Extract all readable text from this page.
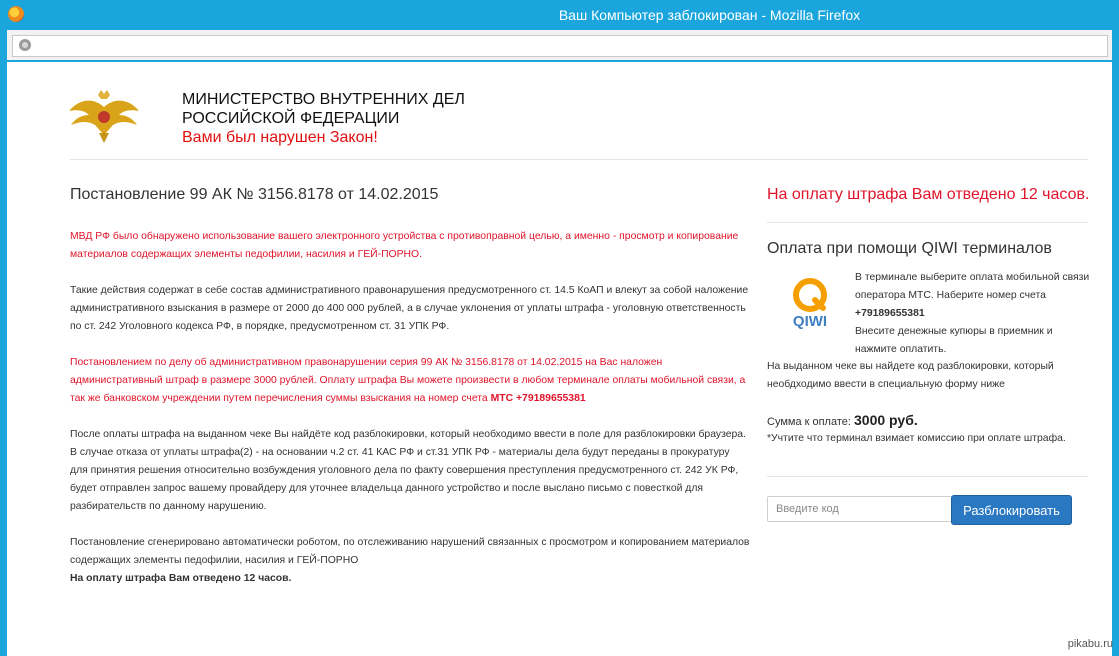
Ваш Компьютер заблокирован - Mozilla Firefox
МИНИСТЕРСТВО ВНУТРЕННИХ ДЕЛ
РОССИЙСКОЙ ФЕДЕРАЦИИ
Вами был нарушен Закон!
Постановление 99 АК № 3156.8178 от 14.02.2015
МВД РФ было обнаружено использование вашего электронного устройства с противоправной целью, а именно - просмотр и копирование материалов содержащих элементы педофилии, насилия и ГЕЙ-ПОРНО.
Такие действия содержат в себе состав административного правонарушения предусмотренного ст. 14.5 КоАП и влекут за собой наложение административного взыскания в размере от 2000 до 400 000 рублей, а в случае уклонения от уплаты штрафа - уголовную ответственность по ст. 242 Уголовного кодекса РФ, в порядке, предусмотренном ст. 31 УПК РФ.
Постановлением по делу об административном правонарушении серия 99 АК № 3156.8178 от 14.02.2015 на Вас наложен административный штраф в размере 3000 рублей. Оплату штрафа Вы можете произвести в любом терминале оплаты мобильной связи, а так же банковском учреждении путем перечисления суммы взыскания на номер счета МТС +79189655381
После оплаты штрафа на выданном чеке Вы найдёте код разблокировки, который необходимо ввести в поле для разблокировки браузера. В случае отказа от уплаты штрафа(2) - на основании ч.2 ст. 41 КАС РФ и ст.31 УПК РФ - материалы дела будут переданы в прокуратуру для принятия решения относительно возбуждения уголовного дела по факту совершения преступления предусмотренного ст. 242 УК РФ, будет отправлен запрос вашему провайдеру для уточнее владельца данного устройство и после выслано письмо с повесткой для разбирательств по данному нарушению.
Постановление сгенерировано автоматически роботом, по отслеживанию нарушений связанных с просмотром и копированием материалов содержащих элементы педофилии, насилия и ГЕЙ-ПОРНО
На оплату штрафа Вам отведено 12 часов.
На оплату штрафа Вам отведено 12 часов.
Оплата при помощи QIWI терминалов
QIWI
В терминале выберите оплата мобильной связи оператора МТС. Наберите номер счета
+79189655381
Внесите денежные купюры в приемник и нажмите оплатить.
На выданном чеке вы найдете код разблокировки, который необдходимо ввести в специальную форму ниже
Сумма к оплате: 3000 руб.
*Учтите что терминал взимает комиссию при оплате штрафа.
Введите код
Разблокировать
pikabu.ru
